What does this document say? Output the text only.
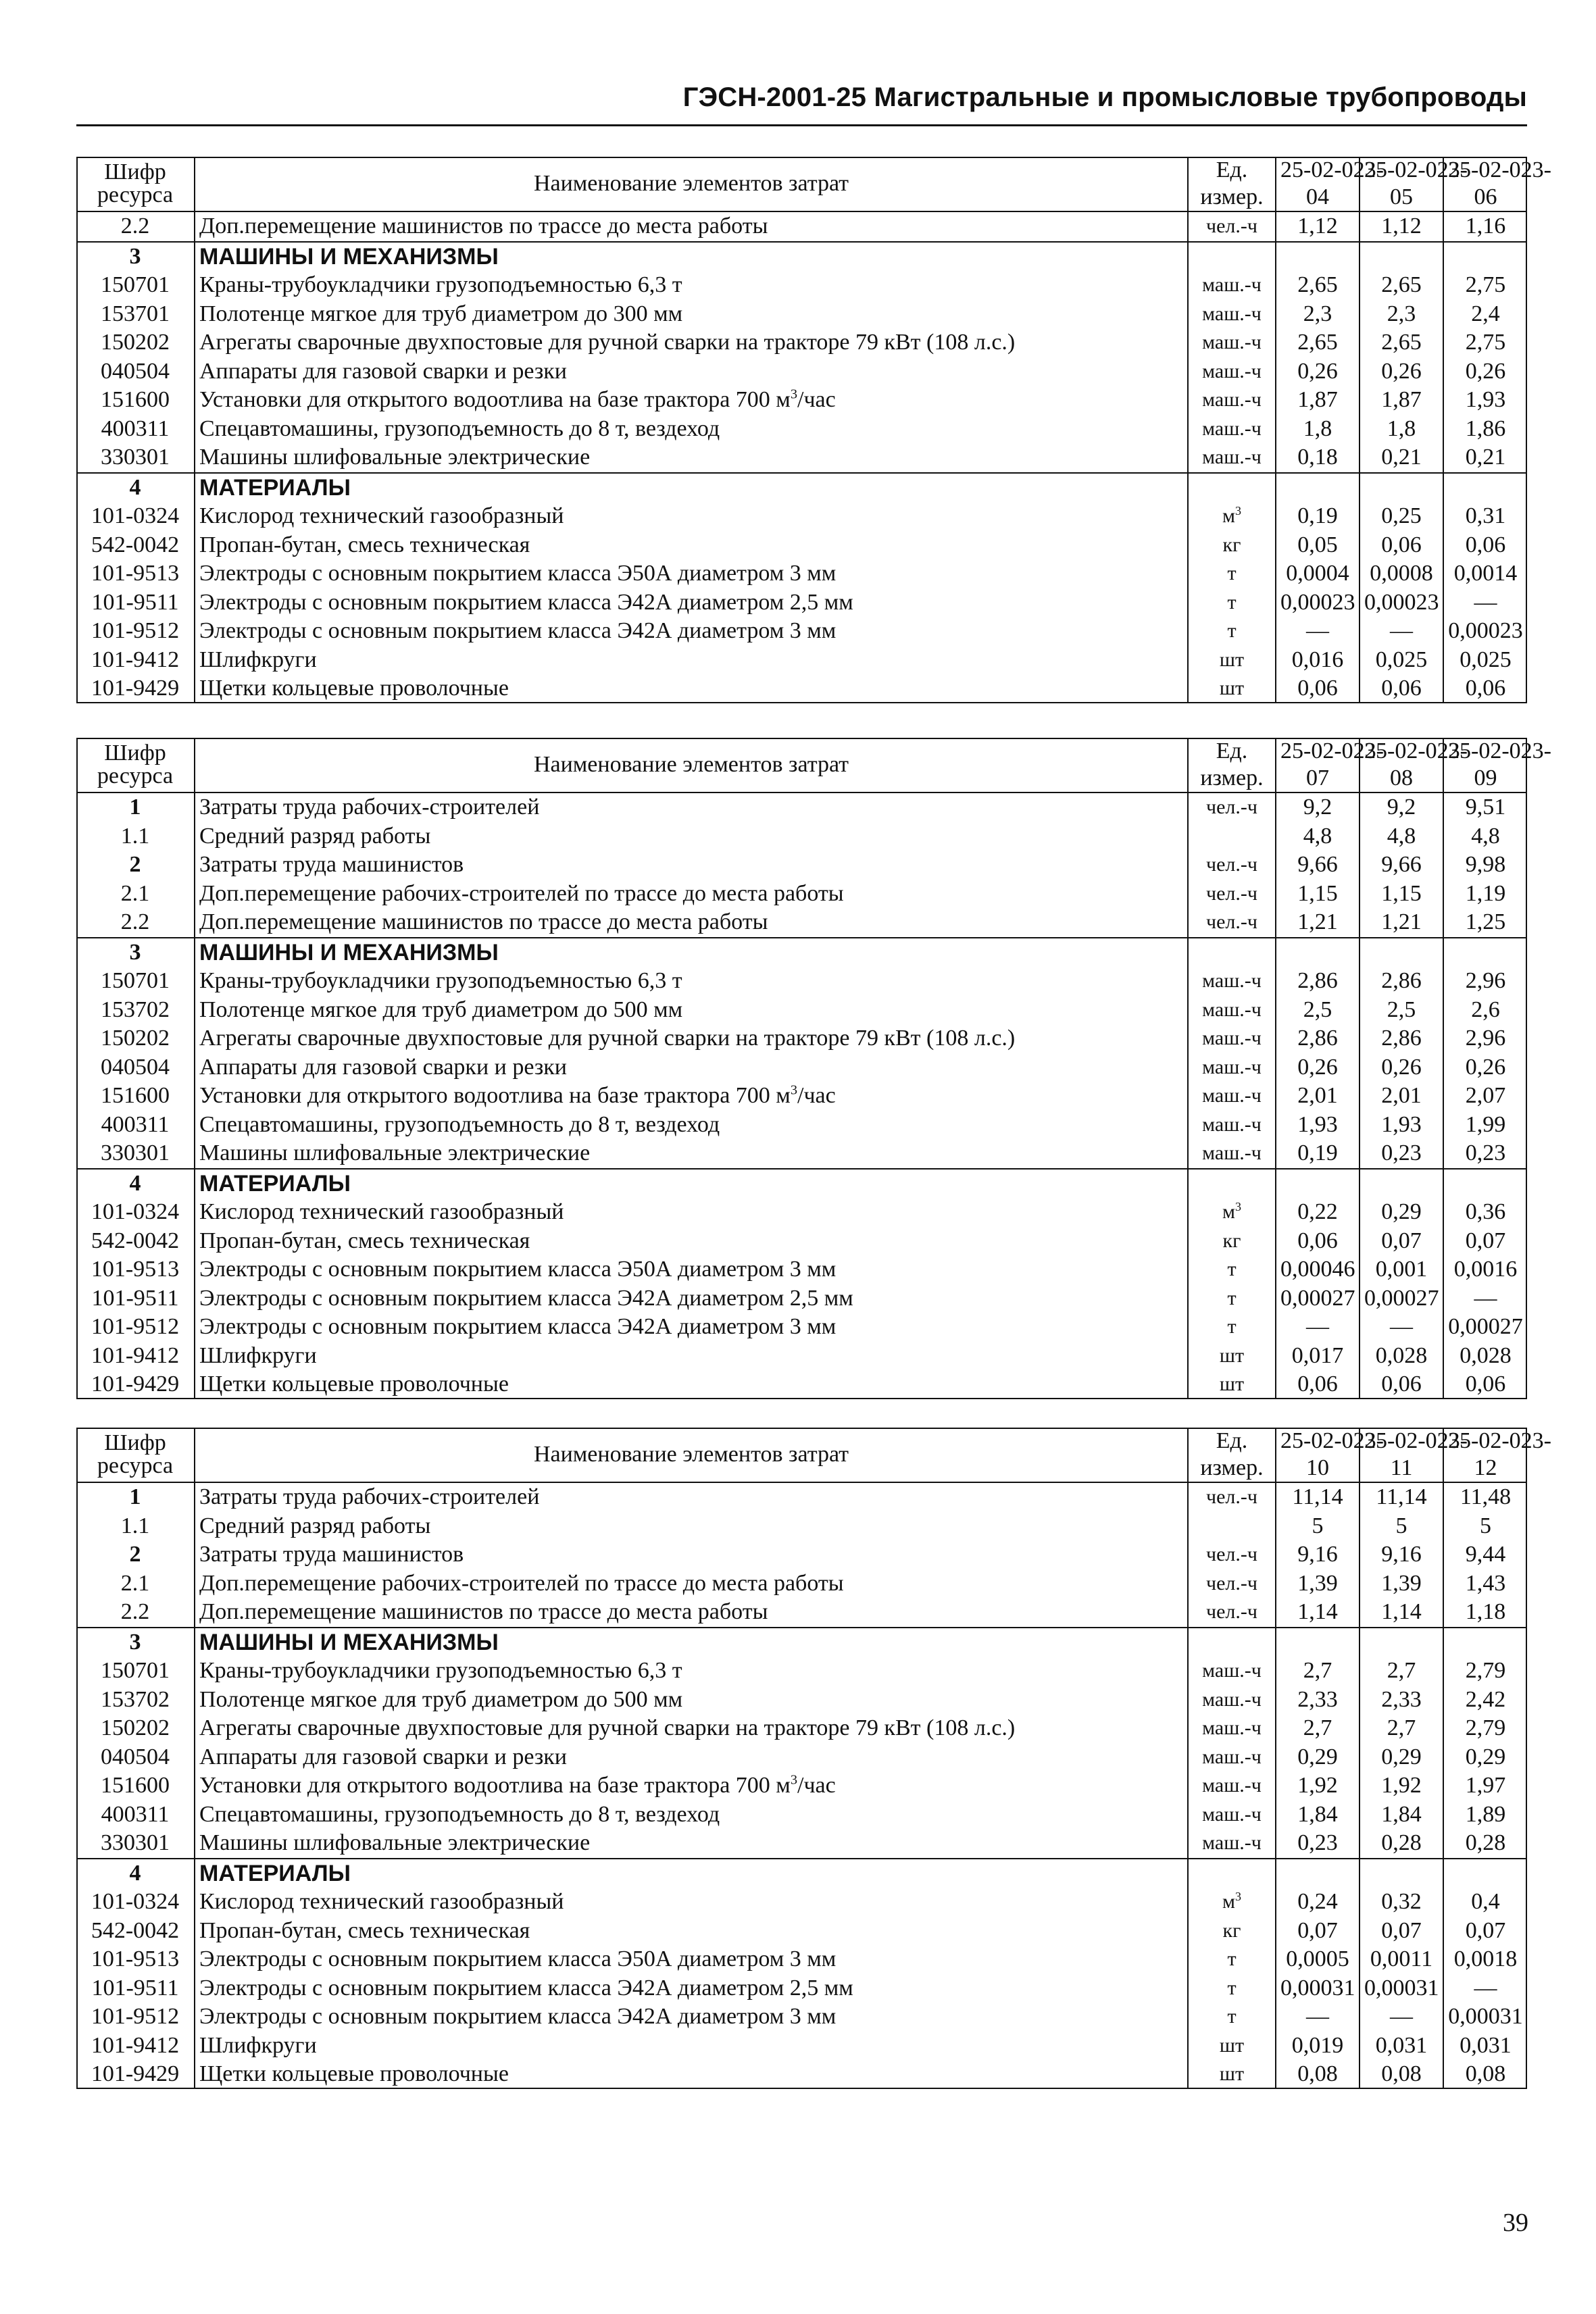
ГЭСН-2001-25 Магистральные и промысловые трубопроводы
Шифр
ресурса	Наименование элементов затрат	Ед.	25-02-023-	25-02-023-	25-02-023-
		измер.	04	05	06
2.2	Доп.перемещение машинистов по трассе до места работы	чел.-ч	1,12	1,12	1,16
3	МАШИНЫ И МЕХАНИЗМЫ				
150701	Краны-трубоукладчики грузоподъемностью 6,3 т	маш.-ч	2,65	2,65	2,75
153701	Полотенце мягкое для труб диаметром до 300 мм	маш.-ч	2,3	2,3	2,4
150202	Агрегаты сварочные двухпостовые для ручной сварки на тракторе 79 кВт (108 л.с.)	маш.-ч	2,65	2,65	2,75
040504	Аппараты для газовой сварки и резки	маш.-ч	0,26	0,26	0,26
151600	Установки для открытого водоотлива на базе трактора 700 $м^3$/час	маш.-ч	1,87	1,87	1,93
400311	Спецавтомашины, грузоподъемность до 8 т, вездеход	маш.-ч	1,8	1,8	1,86
330301	Машины шлифовальные электрические	маш.-ч	0,18	0,21	0,21
4	МАТЕРИАЛЫ				
101-0324	Кислород технический газообразный	$м^3$	0,19	0,25	0,31
542-0042	Пропан-бутан, смесь техническая	кг	0,05	0,06	0,06
101-9513	Электроды с основным покрытием класса Э50А диаметром 3 мм	т	0,0004	0,0008	0,0014
101-9511	Электроды с основным покрытием класса Э42А диаметром 2,5 мм	т	0,00023	0,00023	—
101-9512	Электроды с основным покрытием класса Э42А диаметром 3 мм	т	—	—	0,00023
101-9412	Шлифкруги	шт	0,016	0,025	0,025
101-9429	Щетки кольцевые проволочные	шт	0,06	0,06	0,06
Шифр
ресурса	Наименование элементов затрат	Ед.	25-02-023-	25-02-023-	25-02-023-
		измер.	07	08	09
1	Затраты труда рабочих-строителей	чел.-ч	9,2	9,2	9,51
1.1	Средний разряд работы		4,8	4,8	4,8
2	Затраты труда машинистов	чел.-ч	9,66	9,66	9,98
2.1	Доп.перемещение рабочих-строителей по трассе до места работы	чел.-ч	1,15	1,15	1,19
2.2	Доп.перемещение машинистов по трассе до места работы	чел.-ч	1,21	1,21	1,25
3	МАШИНЫ И МЕХАНИЗМЫ				
150701	Краны-трубоукладчики грузоподъемностью 6,3 т	маш.-ч	2,86	2,86	2,96
153702	Полотенце мягкое для труб диаметром до 500 мм	маш.-ч	2,5	2,5	2,6
150202	Агрегаты сварочные двухпостовые для ручной сварки на тракторе 79 кВт (108 л.с.)	маш.-ч	2,86	2,86	2,96
040504	Аппараты для газовой сварки и резки	маш.-ч	0,26	0,26	0,26
151600	Установки для открытого водоотлива на базе трактора 700 $м^3$/час	маш.-ч	2,01	2,01	2,07
400311	Спецавтомашины, грузоподъемность до 8 т, вездеход	маш.-ч	1,93	1,93	1,99
330301	Машины шлифовальные электрические	маш.-ч	0,19	0,23	0,23
4	МАТЕРИАЛЫ				
101-0324	Кислород технический газообразный	$м^3$	0,22	0,29	0,36
542-0042	Пропан-бутан, смесь техническая	кг	0,06	0,07	0,07
101-9513	Электроды с основным покрытием класса Э50А диаметром 3 мм	т	0,00046	0,001	0,0016
101-9511	Электроды с основным покрытием класса Э42А диаметром 2,5 мм	т	0,00027	0,00027	—
101-9512	Электроды с основным покрытием класса Э42А диаметром 3 мм	т	—	—	0,00027
101-9412	Шлифкруги	шт	0,017	0,028	0,028
101-9429	Щетки кольцевые проволочные	шт	0,06	0,06	0,06
Шифр
ресурса	Наименование элементов затрат	Ед.	25-02-023-	25-02-023-	25-02-023-
		измер.	10	11	12
1	Затраты труда рабочих-строителей	чел.-ч	11,14	11,14	11,48
1.1	Средний разряд работы		5	5	5
2	Затраты труда машинистов	чел.-ч	9,16	9,16	9,44
2.1	Доп.перемещение рабочих-строителей по трассе до места работы	чел.-ч	1,39	1,39	1,43
2.2	Доп.перемещение машинистов по трассе до места работы	чел.-ч	1,14	1,14	1,18
3	МАШИНЫ И МЕХАНИЗМЫ				
150701	Краны-трубоукладчики грузоподъемностью 6,3 т	маш.-ч	2,7	2,7	2,79
153702	Полотенце мягкое для труб диаметром до 500 мм	маш.-ч	2,33	2,33	2,42
150202	Агрегаты сварочные двухпостовые для ручной сварки на тракторе 79 кВт (108 л.с.)	маш.-ч	2,7	2,7	2,79
040504	Аппараты для газовой сварки и резки	маш.-ч	0,29	0,29	0,29
151600	Установки для открытого водоотлива на базе трактора 700 $м^3$/час	маш.-ч	1,92	1,92	1,97
400311	Спецавтомашины, грузоподъемность до 8 т, вездеход	маш.-ч	1,84	1,84	1,89
330301	Машины шлифовальные электрические	маш.-ч	0,23	0,28	0,28
4	МАТЕРИАЛЫ				
101-0324	Кислород технический газообразный	$м^3$	0,24	0,32	0,4
542-0042	Пропан-бутан, смесь техническая	кг	0,07	0,07	0,07
101-9513	Электроды с основным покрытием класса Э50А диаметром 3 мм	т	0,0005	0,0011	0,0018
101-9511	Электроды с основным покрытием класса Э42А диаметром 2,5 мм	т	0,00031	0,00031	—
101-9512	Электроды с основным покрытием класса Э42А диаметром 3 мм	т	—	—	0,00031
101-9412	Шлифкруги	шт	0,019	0,031	0,031
101-9429	Щетки кольцевые проволочные	шт	0,08	0,08	0,08
39
